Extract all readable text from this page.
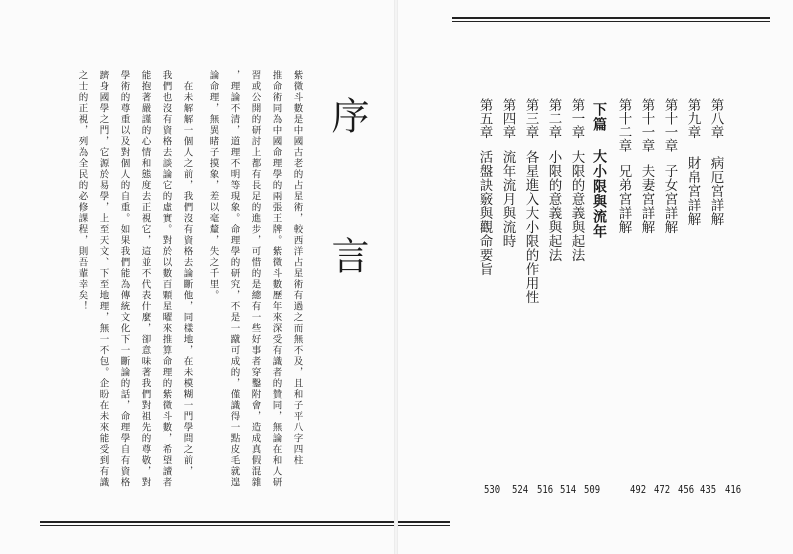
序
言
紫微斗數是中國古老的占星術，較西洋占星術有過之而無不及，且和子平八字四柱
推命術同為中國命理學的兩張王牌。紫微斗數歷年來深受有識者的贊同，無論在和人研
習或公開的研討上都有長足的進步，可惜的是總有一些好事者穿鑿附會，造成真假混雜
，理論不清，道理不明等現象。命理學的研究，不是一蹴可成的，僅識得一點皮毛就遑
論命理，無異睹子摸象，差以毫釐，失之千里。
　在未解解一個人之前，我們沒有資格去論斷他，同樣地，在未模糊一門學問之前，
我們也沒有資格去談論它的虛實。對於以數百顆星曜來推算命理的紫微斗數，希望讀者
能抱著嚴謹的心情和態度去正視它，這並不代表什麼，卻意味著我們對祖先的尊敬，對
學術的尊重以及對個人的自重。如果我們能為傳統文化下一斷論的話，命理學自有資格
躋身國學之門，它源於易學，上至天文、下至地理，無一不包。企盼在未來能受到有識
之士的正視，列為全民的必修課程，則吾輩幸矣！	第八章
病厄宮詳解
416
第九章
財帛宮詳解
435
第十一章
子女宮詳解
456
第十一章
夫妻宮詳解
472
第十二章
兄弟宮詳解
492
下篇 大小限與流年
第一章
大限的意義與起法
509
第二章
小限的意義與起法
514
第三章
各星進入大小限的作用性
516
第四章
流年流月與流時
524
第五章
活盤訣竅與觀命要旨
530
